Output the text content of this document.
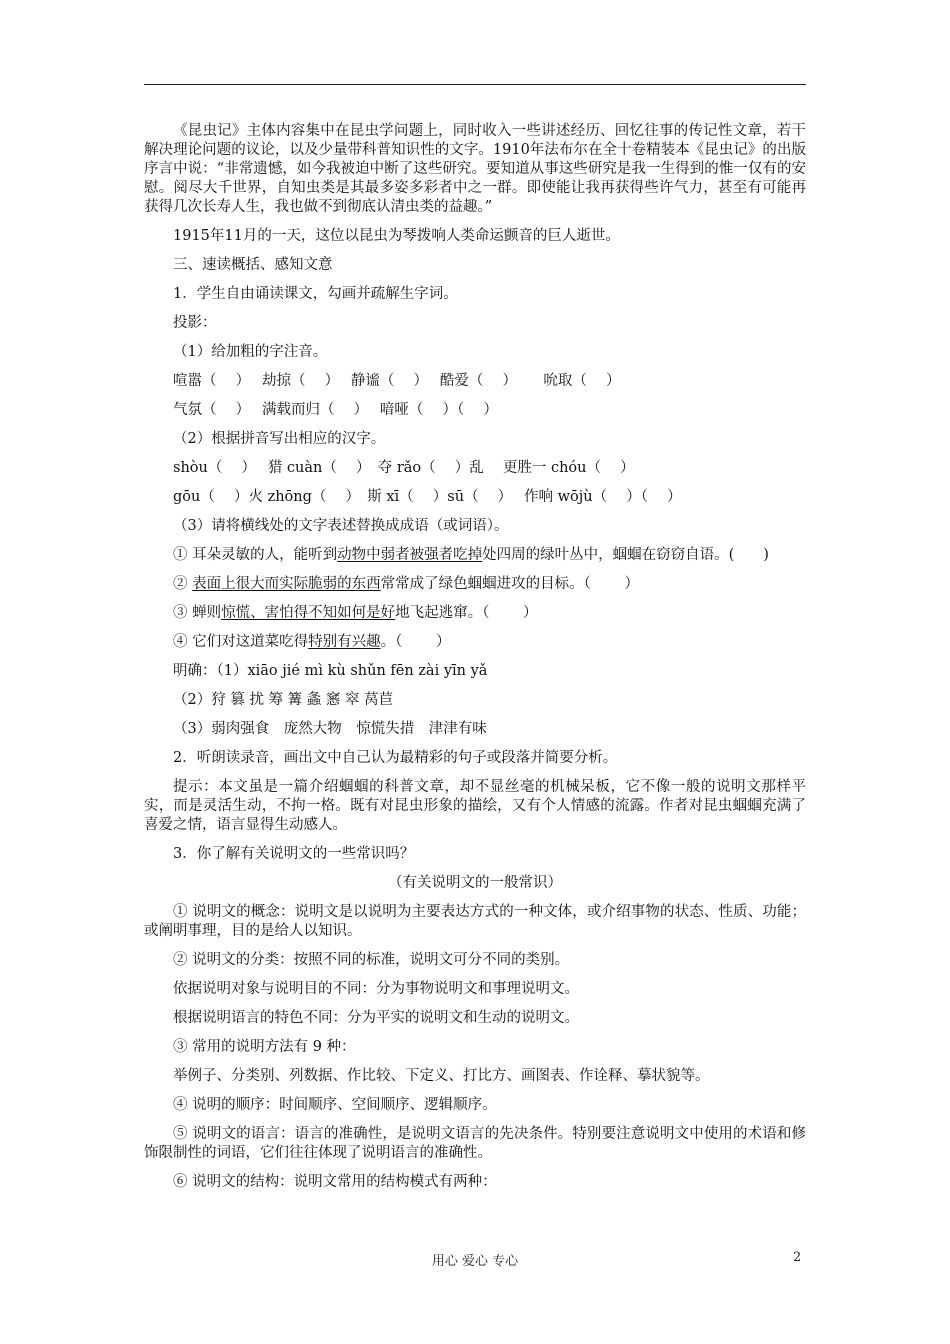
《昆虫记》主体内容集中在昆虫学问题上，同时收入一些讲述经历、回忆往事的传记性文章，若干解决理论问题的议论，以及少量带科普知识性的文字。1910年法布尔在全十卷精装本《昆虫记》的出版序言中说：“非常遗憾，如今我被迫中断了这些研究。要知道从事这些研究是我一生得到的惟一仅有的安慰。阅尽大千世界，自知虫类是其最多姿多彩者中之一群。即使能让我再获得些许气力，甚至有可能再获得几次长寿人生，我也做不到彻底认清虫类的益趣。”

1915年11月的一天，这位以昆虫为琴拨响人类命运颤音的巨人逝世。

三、速读概括、感知文意

1．学生自由诵读课文，勾画并疏解生字词。

投影：

（1）给加粗的字注音。

喧嚣（　 ）　 劫掠（　 ）　 静谧（　 ）　 酷爱（　 ）　 　吮取（　 ）

气氛（　 ）　 满载而归（　 ）　 喑哑（　 ）（　 ）

（2）根据拼音写出相应的汉字。

shòu（　 ）　 猎 cuàn（　 ）　夺 rǎo（　 ）乱　 更胜一 chóu（　 ）

gōu（　 ）火 zhōng（　 ）　斯 xī（　 ）sū（　 ）　 作响 wōjù（　 ）（　 ）

（3）请将横线处的文字表述替换成成语（或词语）。

① 耳朵灵敏的人，能听到动物中弱者被强者吃掉处四周的绿叶丛中，蝈蝈在窃窃自语。(　　)

② 表面上很大而实际脆弱的东西常常成了绿色蝈蝈进攻的目标。（　　 ）

③ 蝉则惊慌、害怕得不知如何是好地飞起逃窜。（　　 ）

④ 它们对这道菜吃得特别有兴趣。（　　 ）

明确：（1）xiāo jié mì kù shǔn fēn zài yīn yǎ

（2）狩 篡 扰 筹 篝 螽 窸 窣 莴苣

（3）弱肉强食　庞然大物　惊慌失措　津津有味

2．听朗读录音，画出文中自己认为最精彩的句子或段落并简要分析。

提示：本文虽是一篇介绍蝈蝈的科普文章，却不显丝毫的机械呆板，它不像一般的说明文那样平实，而是灵活生动，不拘一格。既有对昆虫形象的描绘，又有个人情感的流露。作者对昆虫蝈蝈充满了喜爱之情，语言显得生动感人。

3．你了解有关说明文的一些常识吗？

（有关说明文的一般常识）

① 说明文的概念：说明文是以说明为主要表达方式的一种文体，或介绍事物的状态、性质、功能；或阐明事理，目的是给人以知识。

② 说明文的分类：按照不同的标准，说明文可分不同的类别。

依据说明对象与说明目的不同：分为事物说明文和事理说明文。

根据说明语言的特色不同：分为平实的说明文和生动的说明文。

③ 常用的说明方法有 9 种：

举例子、分类别、列数据、作比较、下定义、打比方、画图表、作诠释、摹状貌等。

④ 说明的顺序：时间顺序、空间顺序、逻辑顺序。

⑤ 说明文的语言：语言的准确性，是说明文语言的先决条件。特别要注意说明文中使用的术语和修饰限制性的词语，它们往往体现了说明语言的准确性。

⑥ 说明文的结构：说明文常用的结构模式有两种：

用心 爱心 专心	2
